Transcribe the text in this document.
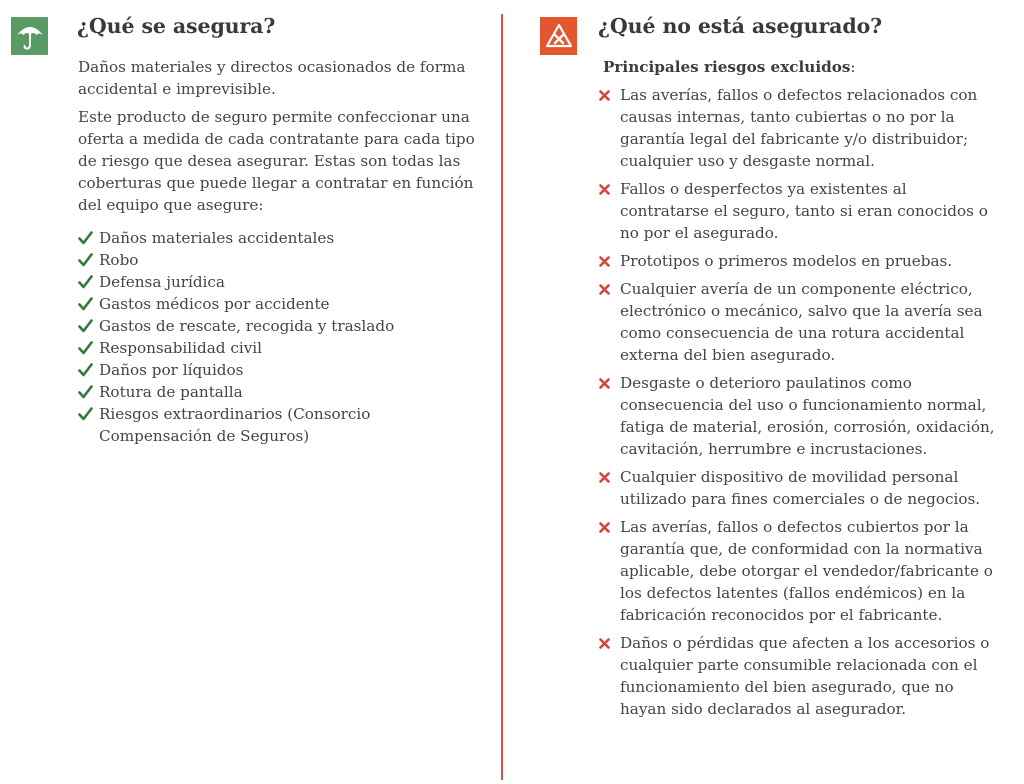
¿Qué se asegura?
Daños materiales y directos ocasionados de forma accidental e imprevisible.
Este producto de seguro permite confeccionar una oferta a medida de cada contratante para cada tipo de riesgo que desea asegurar. Estas son todas las coberturas que puede llegar a contratar en función del equipo que asegure:
Daños materiales accidentales
Robo
Defensa jurídica
Gastos médicos por accidente
Gastos de rescate, recogida y traslado
Responsabilidad civil
Daños por líquidos
Rotura de pantalla
Riesgos extraordinarios (Consorcio Compensación de Seguros)
¿Qué no está asegurado?
Principales riesgos excluidos:
Las averías, fallos o defectos relacionados con causas internas, tanto cubiertas o no por la garantía legal del fabricante y/o distribuidor; cualquier uso y desgaste normal.
Fallos o desperfectos ya existentes al contratarse el seguro, tanto si eran conocidos o no por el asegurado.
Prototipos o primeros modelos en pruebas.
Cualquier avería de un componente eléctrico, electrónico o mecánico, salvo que la avería sea como consecuencia de una rotura accidental externa del bien asegurado.
Desgaste o deterioro paulatinos como consecuencia del uso o funcionamiento normal, fatiga de material, erosión, corrosión, oxidación, cavitación, herrumbre e incrustaciones.
Cualquier dispositivo de movilidad personal utilizado para fines comerciales o de negocios.
Las averías, fallos o defectos cubiertos por la garantía que, de conformidad con la normativa aplicable, debe otorgar el vendedor/fabricante o los defectos latentes (fallos endémicos) en la fabricación reconocidos por el fabricante.
Daños o pérdidas que afecten a los accesorios o cualquier parte consumible relacionada con el funcionamiento del bien asegurado, que no hayan sido declarados al asegurador.
